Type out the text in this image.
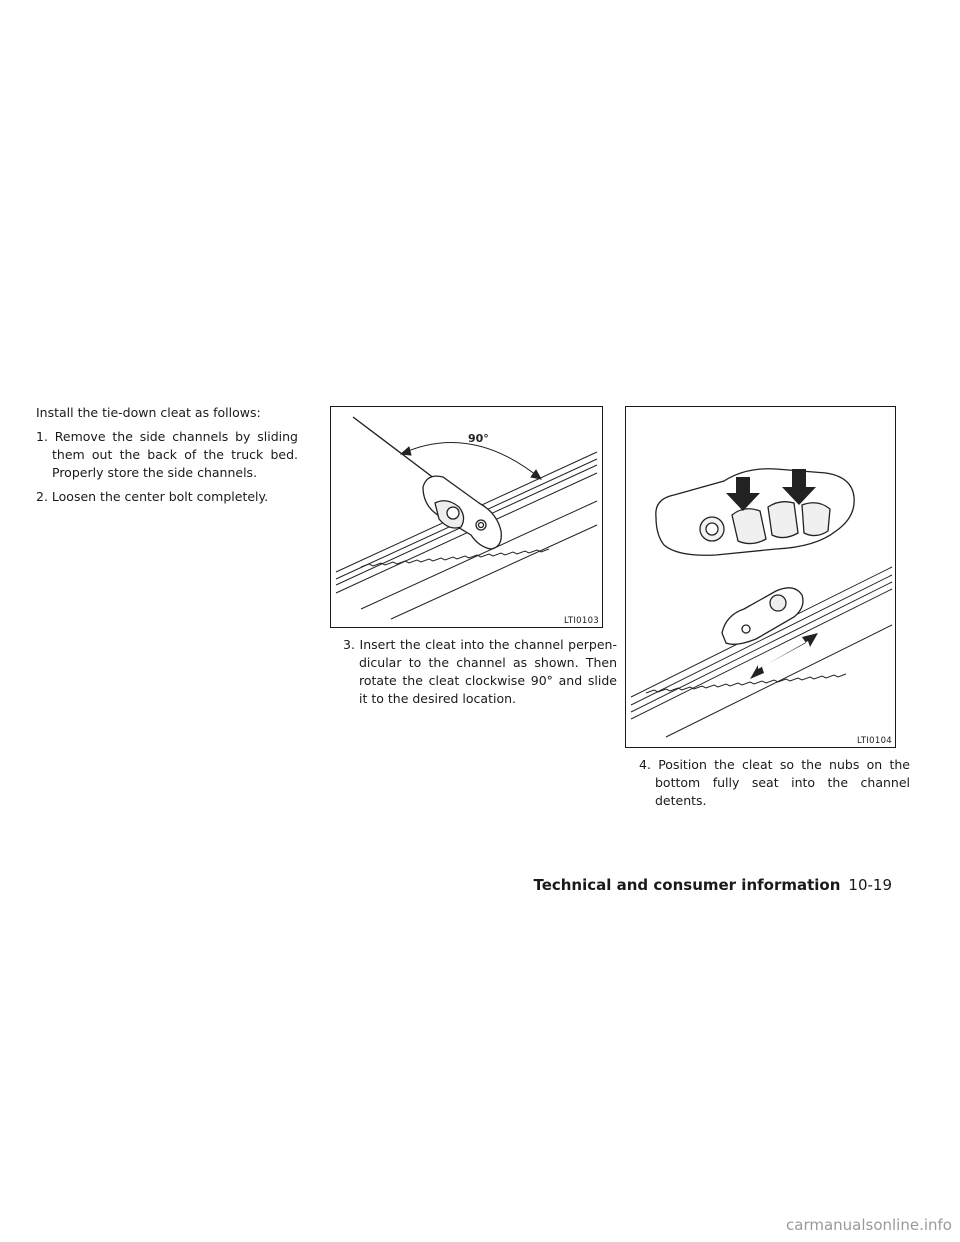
Install the tie-down cleat as follows:

1. Remove the side channels by sliding them out the back of the truck bed. Properly store the side channels.

2. Loosen the center bolt completely.

90°
LTI0103
3. Insert the cleat into the channel perpen-dicular to the channel as shown. Then rotate the cleat clockwise 90° and slide it to the desired location.
LTI0104
4. Position the cleat so the nubs on the bottom fully seat into the channel detents.
Technical and consumer information 10-19
carmanualsonline.info
